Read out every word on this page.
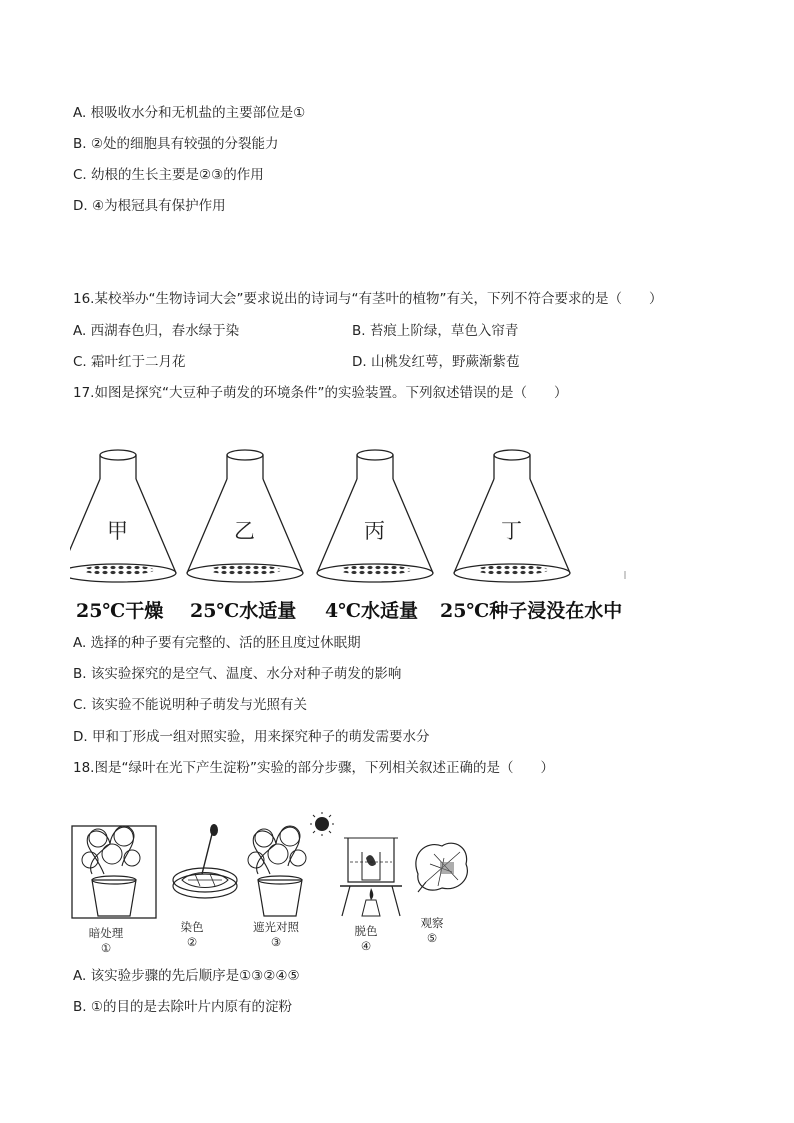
A. 根吸收水分和无机盐的主要部位是①
B. ②处的细胞具有较强的分裂能力
C. 幼根的生长主要是②③的作用
D. ④为根冠具有保护作用
16.某校举办“生物诗词大会”要求说出的诗词与“有茎叶的植物”有关，下列不符合要求的是（　　）
A. 西湖春色归，春水绿于染	B. 苔痕上阶绿，草色入帘青
C. 霜叶红于二月花	D. 山桃发红萼，野蕨渐紫苞
17.如图是探究“大豆种子萌发的环境条件”的实验装置。下列叙述错误的是（　　）
甲	乙	丙	丁
25℃干燥 25℃水适量 4℃水适量 25℃种子浸没在水中
A. 选择的种子要有完整的、活的胚且度过休眠期
B. 该实验探究的是空气、温度、水分对种子萌发的影响
C. 该实验不能说明种子萌发与光照有关
D. 甲和丁形成一组对照实验，用来探究种子的萌发需要水分
18.图是“绿叶在光下产生淀粉”实验的部分步骤，下列相关叙述正确的是（　　）
暗处理
①
染色
②
遮光对照
③
脱色
④
观察
⑤
A. 该实验步骤的先后顺序是①③②④⑤
B. ①的目的是去除叶片内原有的淀粉
